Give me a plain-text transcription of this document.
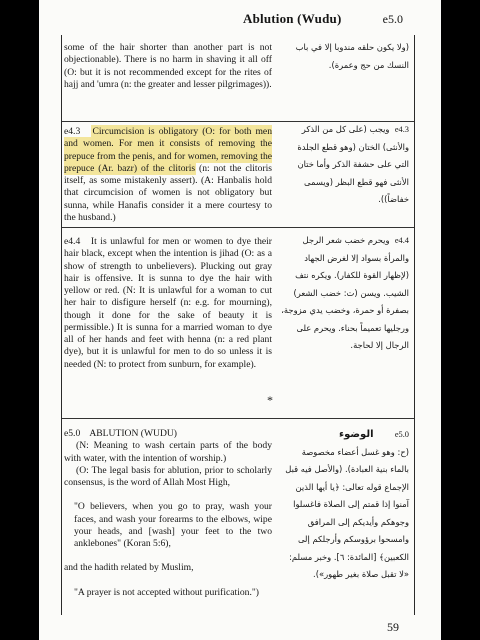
Ablution (Wudu)	e5.0

some of the hair shorter than another part is not objectionable). There is no harm in shaving it all off (O: but it is not recommended except for the rites of hajj and 'umra (n: the greater and lesser pilgrimages)).

(ولا يكون حلقه مندوبا إلا في باب النسك من حج وعمرة).

e4.3 Circumcision is obligatory (O: for both men and women. For men it consists of removing the prepuce from the penis, and for women, removing the prepuce (Ar. bazr) of the clitoris (n: not the clitoris itself, as some mistakenly assert). (A: Hanbalis hold that circumcision of women is not obligatory but sunna, while Hanafis consider it a mere courtesy to the husband.)

e4.3  ويجب (على كل من الذكر والأنثى) الختان (وهو قطع الجلدة التي على حشفة الذكر وأما ختان الأنثى فهو قطع البظر (ويسمى خفاضاً)).

e4.4 It is unlawful for men or women to dye their hair black, except when the intention is jihad (O: as a show of strength to unbelievers). Plucking out gray hair is offensive. It is sunna to dye the hair with yellow or red. (N: It is unlawful for a woman to cut her hair to disfigure herself (n: e.g. for mourning), though it done for the sake of beauty it is permissible.) It is sunna for a married woman to dye all of her hands and feet with henna (n: a red plant dye), but it is unlawful for men to do so unless it is needed (N: to protect from sunburn, for example).

e4.4  ويحرم خضب شعر الرجل والمرأة بسواد إلا لغرض الجهاد (لإظهار القوة للكفار). ويكره نتف الشيب. ويسن (ت: خضب الشعر) بصفرة أو حمرة، وخضب يدي مزوجة، ورجليها تعميماً بحناء. ويحرم على الرجال إلا لحاجة.

*

e5.0 ABLUTION (WUDU)

(N: Meaning to wash certain parts of the body with water, with the intention of worship.)

(O: The legal basis for ablution, prior to scholarly consensus, is the word of Allah Most High,

"O believers, when you go to pray, wash your faces, and wash your forearms to the elbows, wipe your heads, and [wash] your feet to the two anklebones" (Koran 5:6),

and the hadith related by Muslim,

"A prayer is not accepted without purification.")

e5.0        الوضوء

(ح: وهو غسل أعضاء مخصوصة بالماء بنية العبادة). (والأصل فيه قبل الإجماع قوله تعالى: ﴿يا أيها الذين آمنوا إذا قمتم إلى الصلاة فاغسلوا وجوهكم وأيديكم إلى المرافق وامسحوا برؤوسكم وأرجلكم إلى الكعبين﴾ [المائدة: ٦]. وخبر مسلم: «لا تقبل صلاة بغير طهور»).

59
